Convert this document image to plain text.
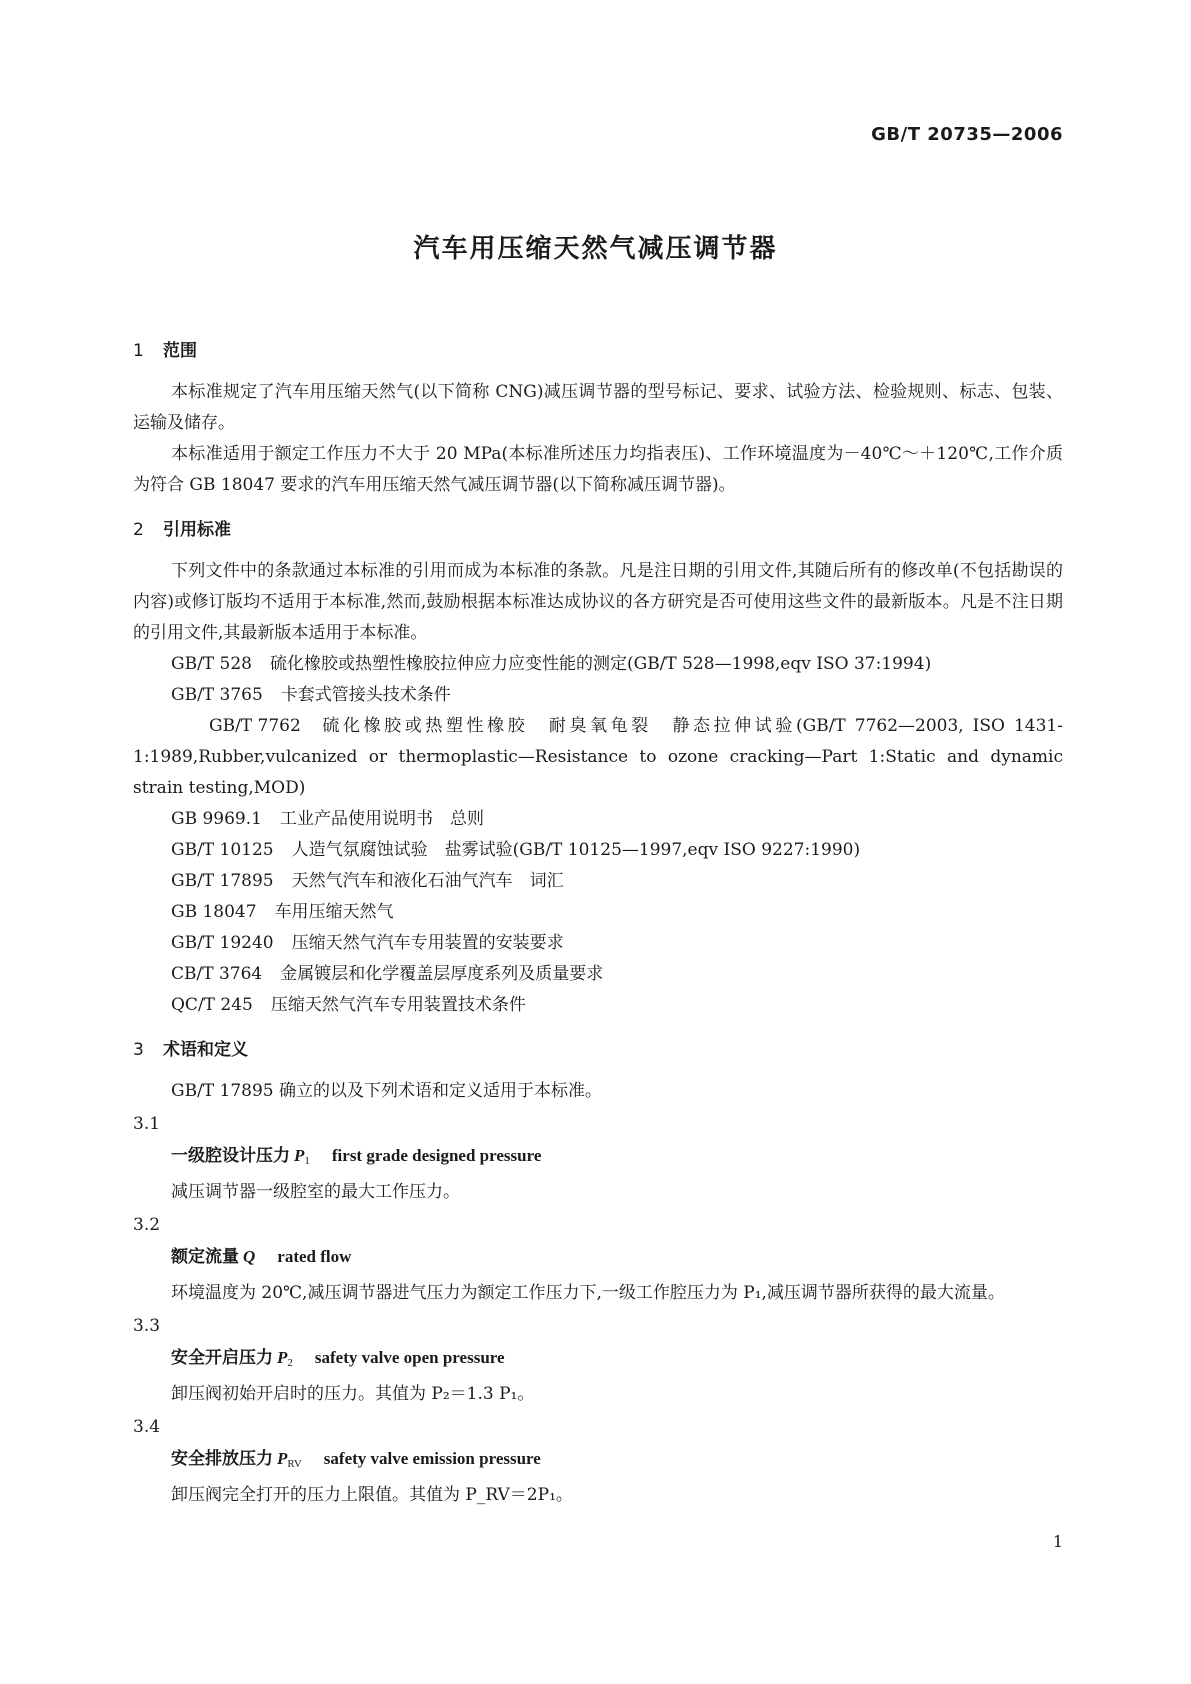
GB/T 20735—2006
汽车用压缩天然气减压调节器
1 范围

本标准规定了汽车用压缩天然气(以下简称 CNG)减压调节器的型号标记、要求、试验方法、检验规则、标志、包装、运输及储存。

本标准适用于额定工作压力不大于 20 MPa(本标准所述压力均指表压)、工作环境温度为－40℃～＋120℃,工作介质为符合 GB 18047 要求的汽车用压缩天然气减压调节器(以下简称减压调节器)。

2 引用标准

下列文件中的条款通过本标准的引用而成为本标准的条款。凡是注日期的引用文件,其随后所有的修改单(不包括勘误的内容)或修订版均不适用于本标准,然而,鼓励根据本标准达成协议的各方研究是否可使用这些文件的最新版本。凡是不注日期的引用文件,其最新版本适用于本标准。

GB/T 528 硫化橡胶或热塑性橡胶拉伸应力应变性能的测定(GB/T 528—1998,eqv ISO 37:1994)

GB/T 3765 卡套式管接头技术条件

GB/T 7762 硫化橡胶或热塑性橡胶　耐臭氧龟裂　静态拉伸试验(GB/T 7762—2003, ISO 1431-1:1989,Rubber,vulcanized or thermoplastic—Resistance to ozone cracking—Part 1:Static and dynamic strain testing,MOD)

GB 9969.1 工业产品使用说明书　总则

GB/T 10125 人造气氛腐蚀试验　盐雾试验(GB/T 10125—1997,eqv ISO 9227:1990)

GB/T 17895 天然气汽车和液化石油气汽车　词汇

GB 18047 车用压缩天然气

GB/T 19240 压缩天然气汽车专用装置的安装要求

CB/T 3764 金属镀层和化学覆盖层厚度系列及质量要求

QC/T 245 压缩天然气汽车专用装置技术条件

3 术语和定义

GB/T 17895 确立的以及下列术语和定义适用于本标准。

3.1

一级腔设计压力 $P_1$ first grade designed pressure

减压调节器一级腔室的最大工作压力。

3.2

额定流量 Q rated flow

环境温度为 20℃,减压调节器进气压力为额定工作压力下,一级工作腔压力为 P₁,减压调节器所获得的最大流量。

3.3

安全开启压力 $P_2$ safety valve open pressure

卸压阀初始开启时的压力。其值为 P₂＝1.3 P₁。

3.4

安全排放压力 $P_{RV}$ safety valve emission pressure

卸压阀完全打开的压力上限值。其值为 P_RV＝2P₁。

1
